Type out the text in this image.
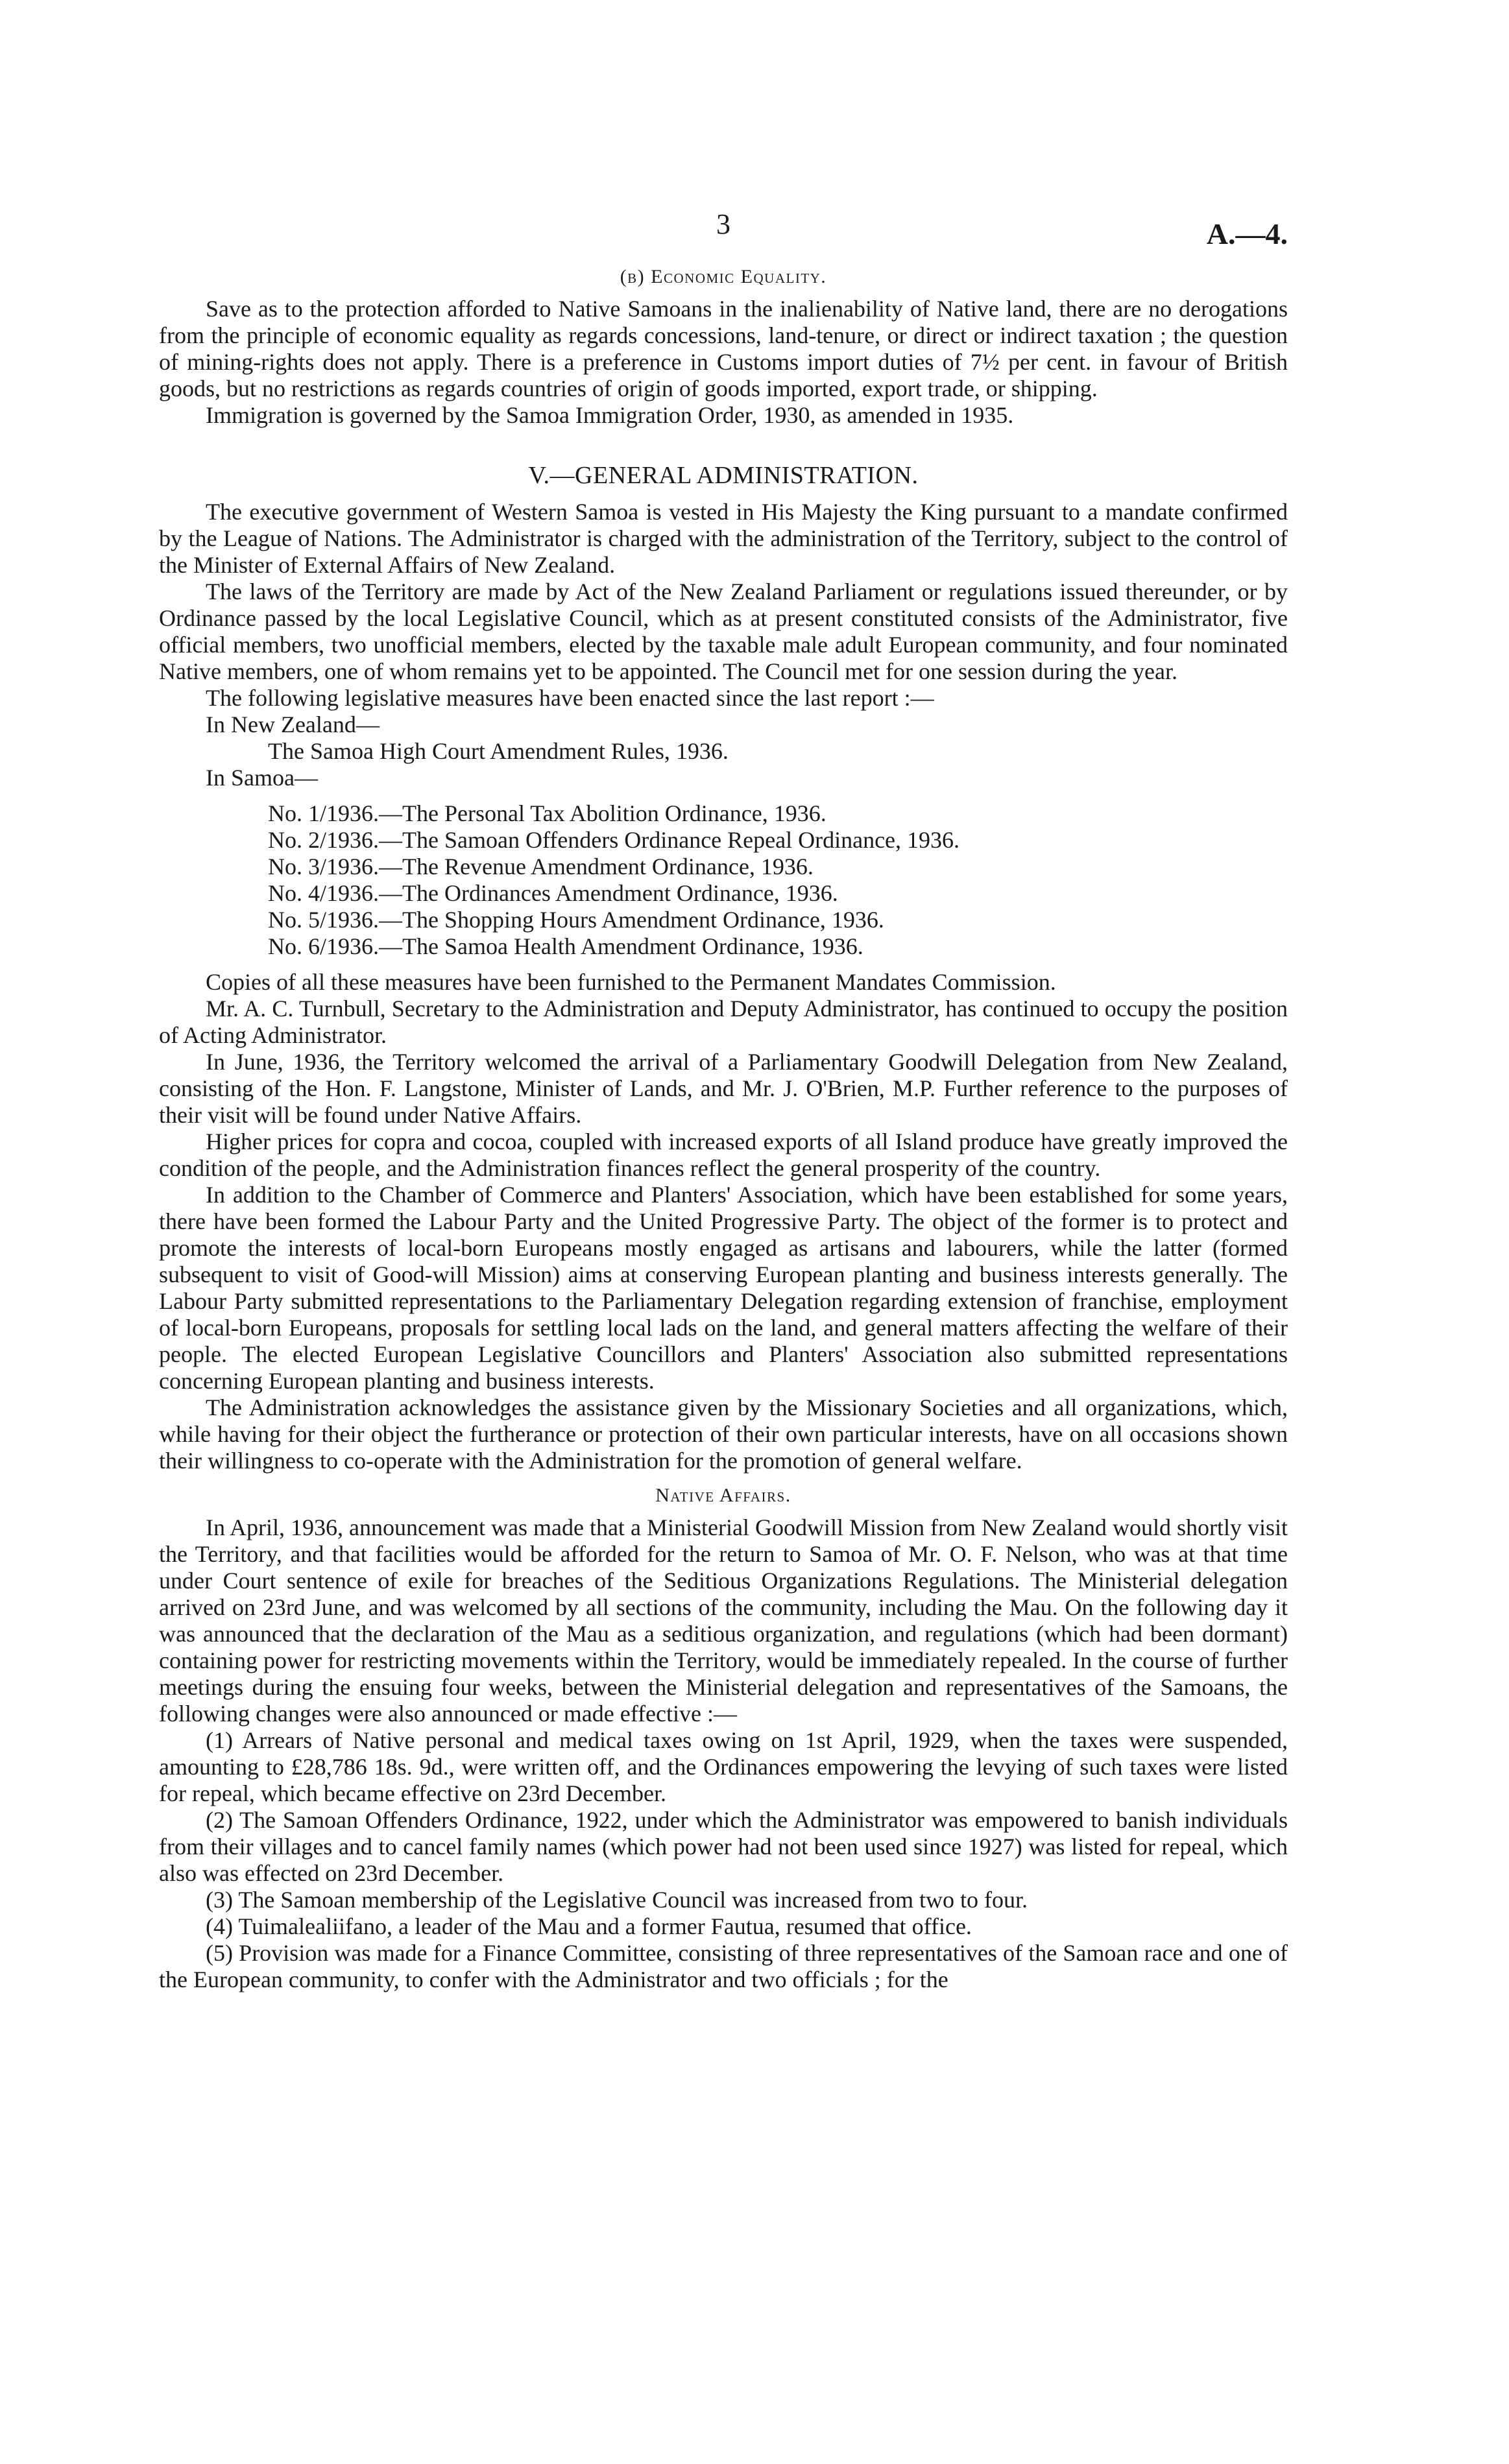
3	A.—4.
(b) Economic Equality.

Save as to the protection afforded to Native Samoans in the inalienability of Native land, there are no derogations from the principle of economic equality as regards concessions, land-tenure, or direct or indirect taxation ; the question of mining-rights does not apply. There is a preference in Customs import duties of 7½ per cent. in favour of British goods, but no restrictions as regards countries of origin of goods imported, export trade, or shipping.

Immigration is governed by the Samoa Immigration Order, 1930, as amended in 1935.

V.—GENERAL ADMINISTRATION.

The executive government of Western Samoa is vested in His Majesty the King pursuant to a mandate confirmed by the League of Nations. The Administrator is charged with the administration of the Territory, subject to the control of the Minister of External Affairs of New Zealand.

The laws of the Territory are made by Act of the New Zealand Parliament or regulations issued thereunder, or by Ordinance passed by the local Legislative Council, which as at present constituted consists of the Administrator, five official members, two unofficial members, elected by the taxable male adult European community, and four nominated Native members, one of whom remains yet to be appointed. The Council met for one session during the year.

The following legislative measures have been enacted since the last report :—

In New Zealand—
The Samoa High Court Amendment Rules, 1936.
In Samoa—
No. 1/1936.—The Personal Tax Abolition Ordinance, 1936.
No. 2/1936.—The Samoan Offenders Ordinance Repeal Ordinance, 1936.
No. 3/1936.—The Revenue Amendment Ordinance, 1936.
No. 4/1936.—The Ordinances Amendment Ordinance, 1936.
No. 5/1936.—The Shopping Hours Amendment Ordinance, 1936.
No. 6/1936.—The Samoa Health Amendment Ordinance, 1936.

Copies of all these measures have been furnished to the Permanent Mandates Commission.

Mr. A. C. Turnbull, Secretary to the Administration and Deputy Administrator, has continued to occupy the position of Acting Administrator.

In June, 1936, the Territory welcomed the arrival of a Parliamentary Goodwill Delegation from New Zealand, consisting of the Hon. F. Langstone, Minister of Lands, and Mr. J. O'Brien, M.P. Further reference to the purposes of their visit will be found under Native Affairs.

Higher prices for copra and cocoa, coupled with increased exports of all Island produce have greatly improved the condition of the people, and the Administration finances reflect the general prosperity of the country.

In addition to the Chamber of Commerce and Planters' Association, which have been established for some years, there have been formed the Labour Party and the United Progressive Party. The object of the former is to protect and promote the interests of local-born Europeans mostly engaged as artisans and labourers, while the latter (formed subsequent to visit of Good-will Mission) aims at conserving European planting and business interests generally. The Labour Party submitted representations to the Parliamentary Delegation regarding extension of franchise, employment of local-born Europeans, proposals for settling local lads on the land, and general matters affecting the welfare of their people. The elected European Legislative Councillors and Planters' Association also submitted representations concerning European planting and business interests.

The Administration acknowledges the assistance given by the Missionary Societies and all organizations, which, while having for their object the furtherance or protection of their own particular interests, have on all occasions shown their willingness to co-operate with the Administration for the promotion of general welfare.

Native Affairs.

In April, 1936, announcement was made that a Ministerial Goodwill Mission from New Zealand would shortly visit the Territory, and that facilities would be afforded for the return to Samoa of Mr. O. F. Nelson, who was at that time under Court sentence of exile for breaches of the Seditious Organizations Regulations. The Ministerial delegation arrived on 23rd June, and was welcomed by all sections of the community, including the Mau. On the following day it was announced that the declaration of the Mau as a seditious organization, and regulations (which had been dormant) containing power for restricting movements within the Territory, would be immediately repealed. In the course of further meetings during the ensuing four weeks, between the Ministerial delegation and representatives of the Samoans, the following changes were also announced or made effective :—

(1) Arrears of Native personal and medical taxes owing on 1st April, 1929, when the taxes were suspended, amounting to £28,786 18s. 9d., were written off, and the Ordinances empowering the levying of such taxes were listed for repeal, which became effective on 23rd December.

(2) The Samoan Offenders Ordinance, 1922, under which the Administrator was empowered to banish individuals from their villages and to cancel family names (which power had not been used since 1927) was listed for repeal, which also was effected on 23rd December.

(3) The Samoan membership of the Legislative Council was increased from two to four.

(4) Tuimalealiifano, a leader of the Mau and a former Fautua, resumed that office.

(5) Provision was made for a Finance Committee, consisting of three representatives of the Samoan race and one of the European community, to confer with the Administrator and two officials ; for the
